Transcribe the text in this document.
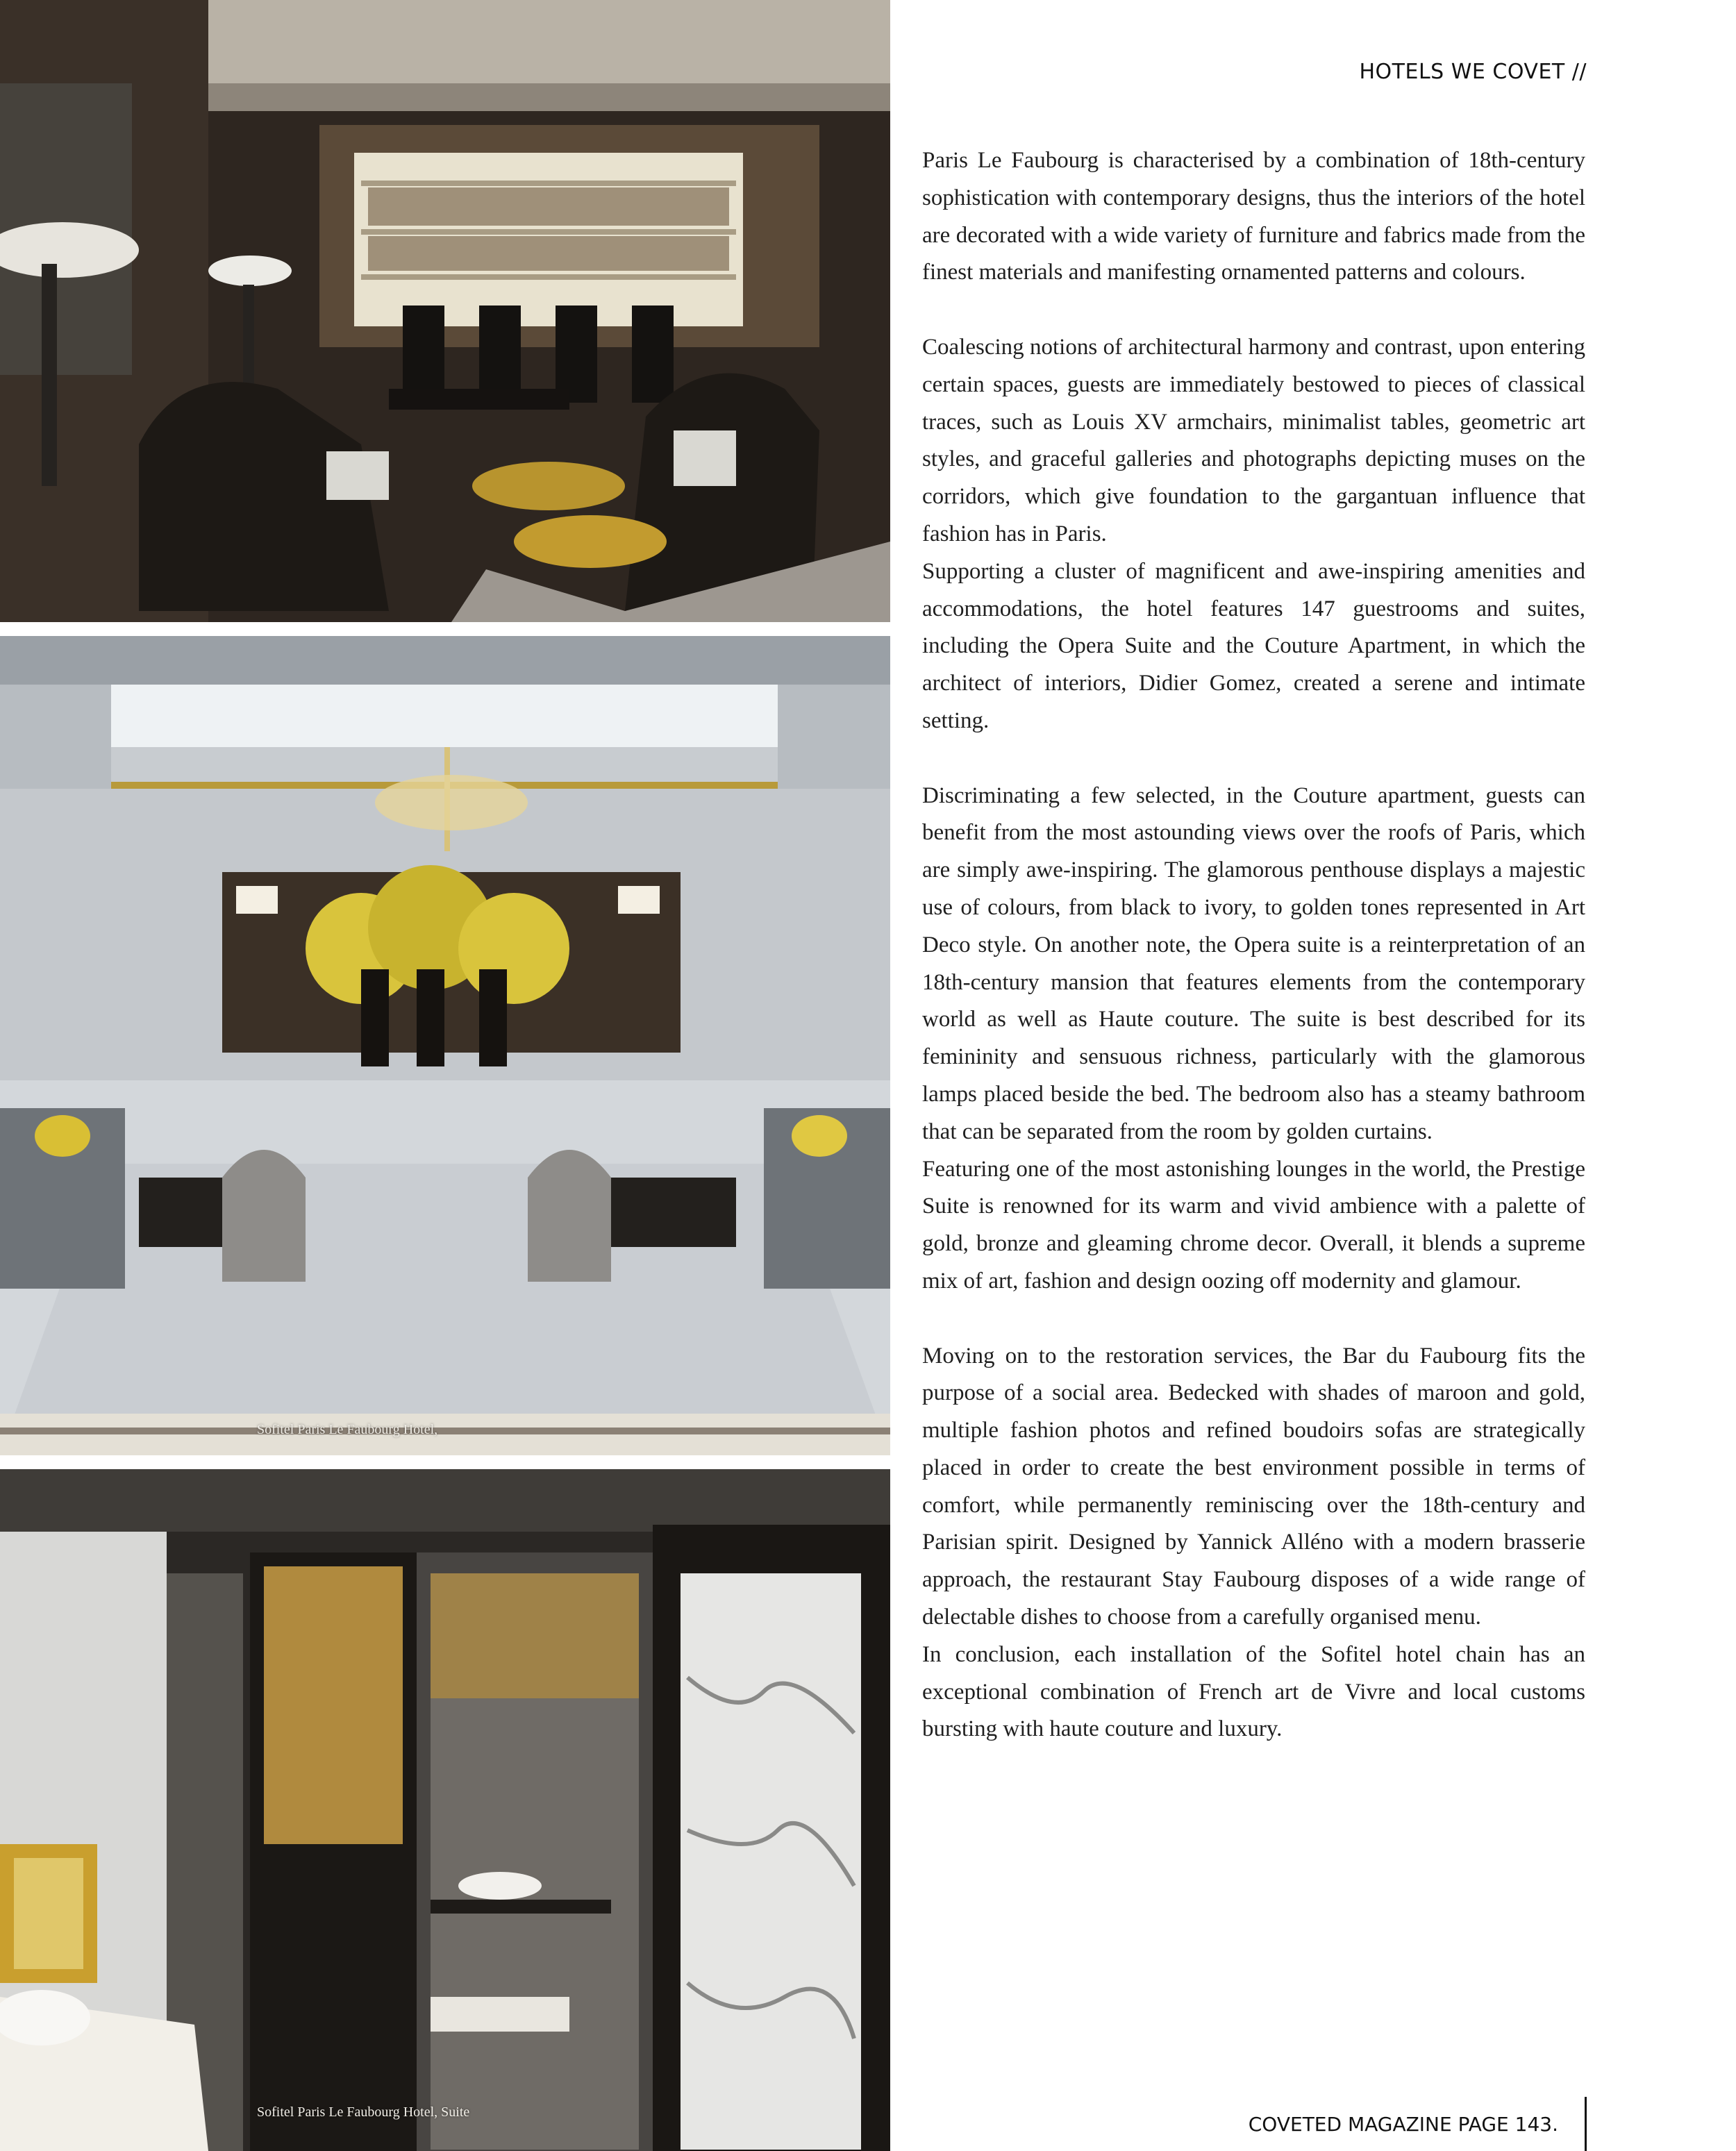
Sofitel Paris Le Faubourg Hotel,
Sofitel Paris Le Faubourg Hotel, Suite
HOTELS WE COVET //

Paris Le Faubourg is characterised by a combination of 18th-century sophistication with contemporary designs, thus the interiors of the hotel are decorated with a wide variety of furniture and fabrics made from the finest materials and manifesting ornamented patterns and colours.

Coalescing notions of architectural harmony and contrast, upon entering certain spaces, guests are immediately bestowed to pieces of classical traces, such as Louis XV armchairs, minimalist tables, geometric art styles, and graceful galleries and photographs depicting muses on the corridors, which give foundation to the gargantuan influence that fashion has in Paris.

Supporting a cluster of magnificent and awe-inspiring amenities and accommodations, the hotel features 147 guestrooms and suites, including the Opera Suite and the Couture Apartment, in which the architect of interiors, Didier Gomez, created a serene and intimate setting.

Discriminating a few selected, in the Couture apartment, guests can benefit from the most astounding views over the roofs of Paris, which are simply awe-inspiring. The glamorous penthouse displays a majestic use of colours, from black to ivory, to golden tones represented in Art Deco style. On another note, the Opera suite is a reinterpretation of an 18th-century mansion that features elements from the contemporary world as well as Haute couture. The suite is best described for its femininity and sensuous richness, particularly with the glamorous lamps placed beside the bed. The bedroom also has a steamy bathroom that can be separated from the room by golden curtains.

Featuring one of the most astonishing lounges in the world, the Prestige Suite is renowned for its warm and vivid ambience with a palette of gold, bronze and gleaming chrome decor. Overall, it blends a supreme mix of art, fashion and design oozing off modernity and glamour.

Moving on to the restoration services, the Bar du Faubourg fits the purpose of a social area. Bedecked with shades of maroon and gold, multiple fashion photos and refined boudoirs sofas are strategically placed in order to create the best environment possible in terms of comfort, while permanently reminiscing over the 18th-century and Parisian spirit. Designed by Yannick Alléno with a modern brasserie approach, the restaurant Stay Faubourg disposes of a wide range of delectable dishes to choose from a carefully organised menu.

In conclusion, each installation of the Sofitel hotel chain has an exceptional combination of French art de Vivre and local customs bursting with haute couture and luxury.

COVETED MAGAZINE PAGE 143.
